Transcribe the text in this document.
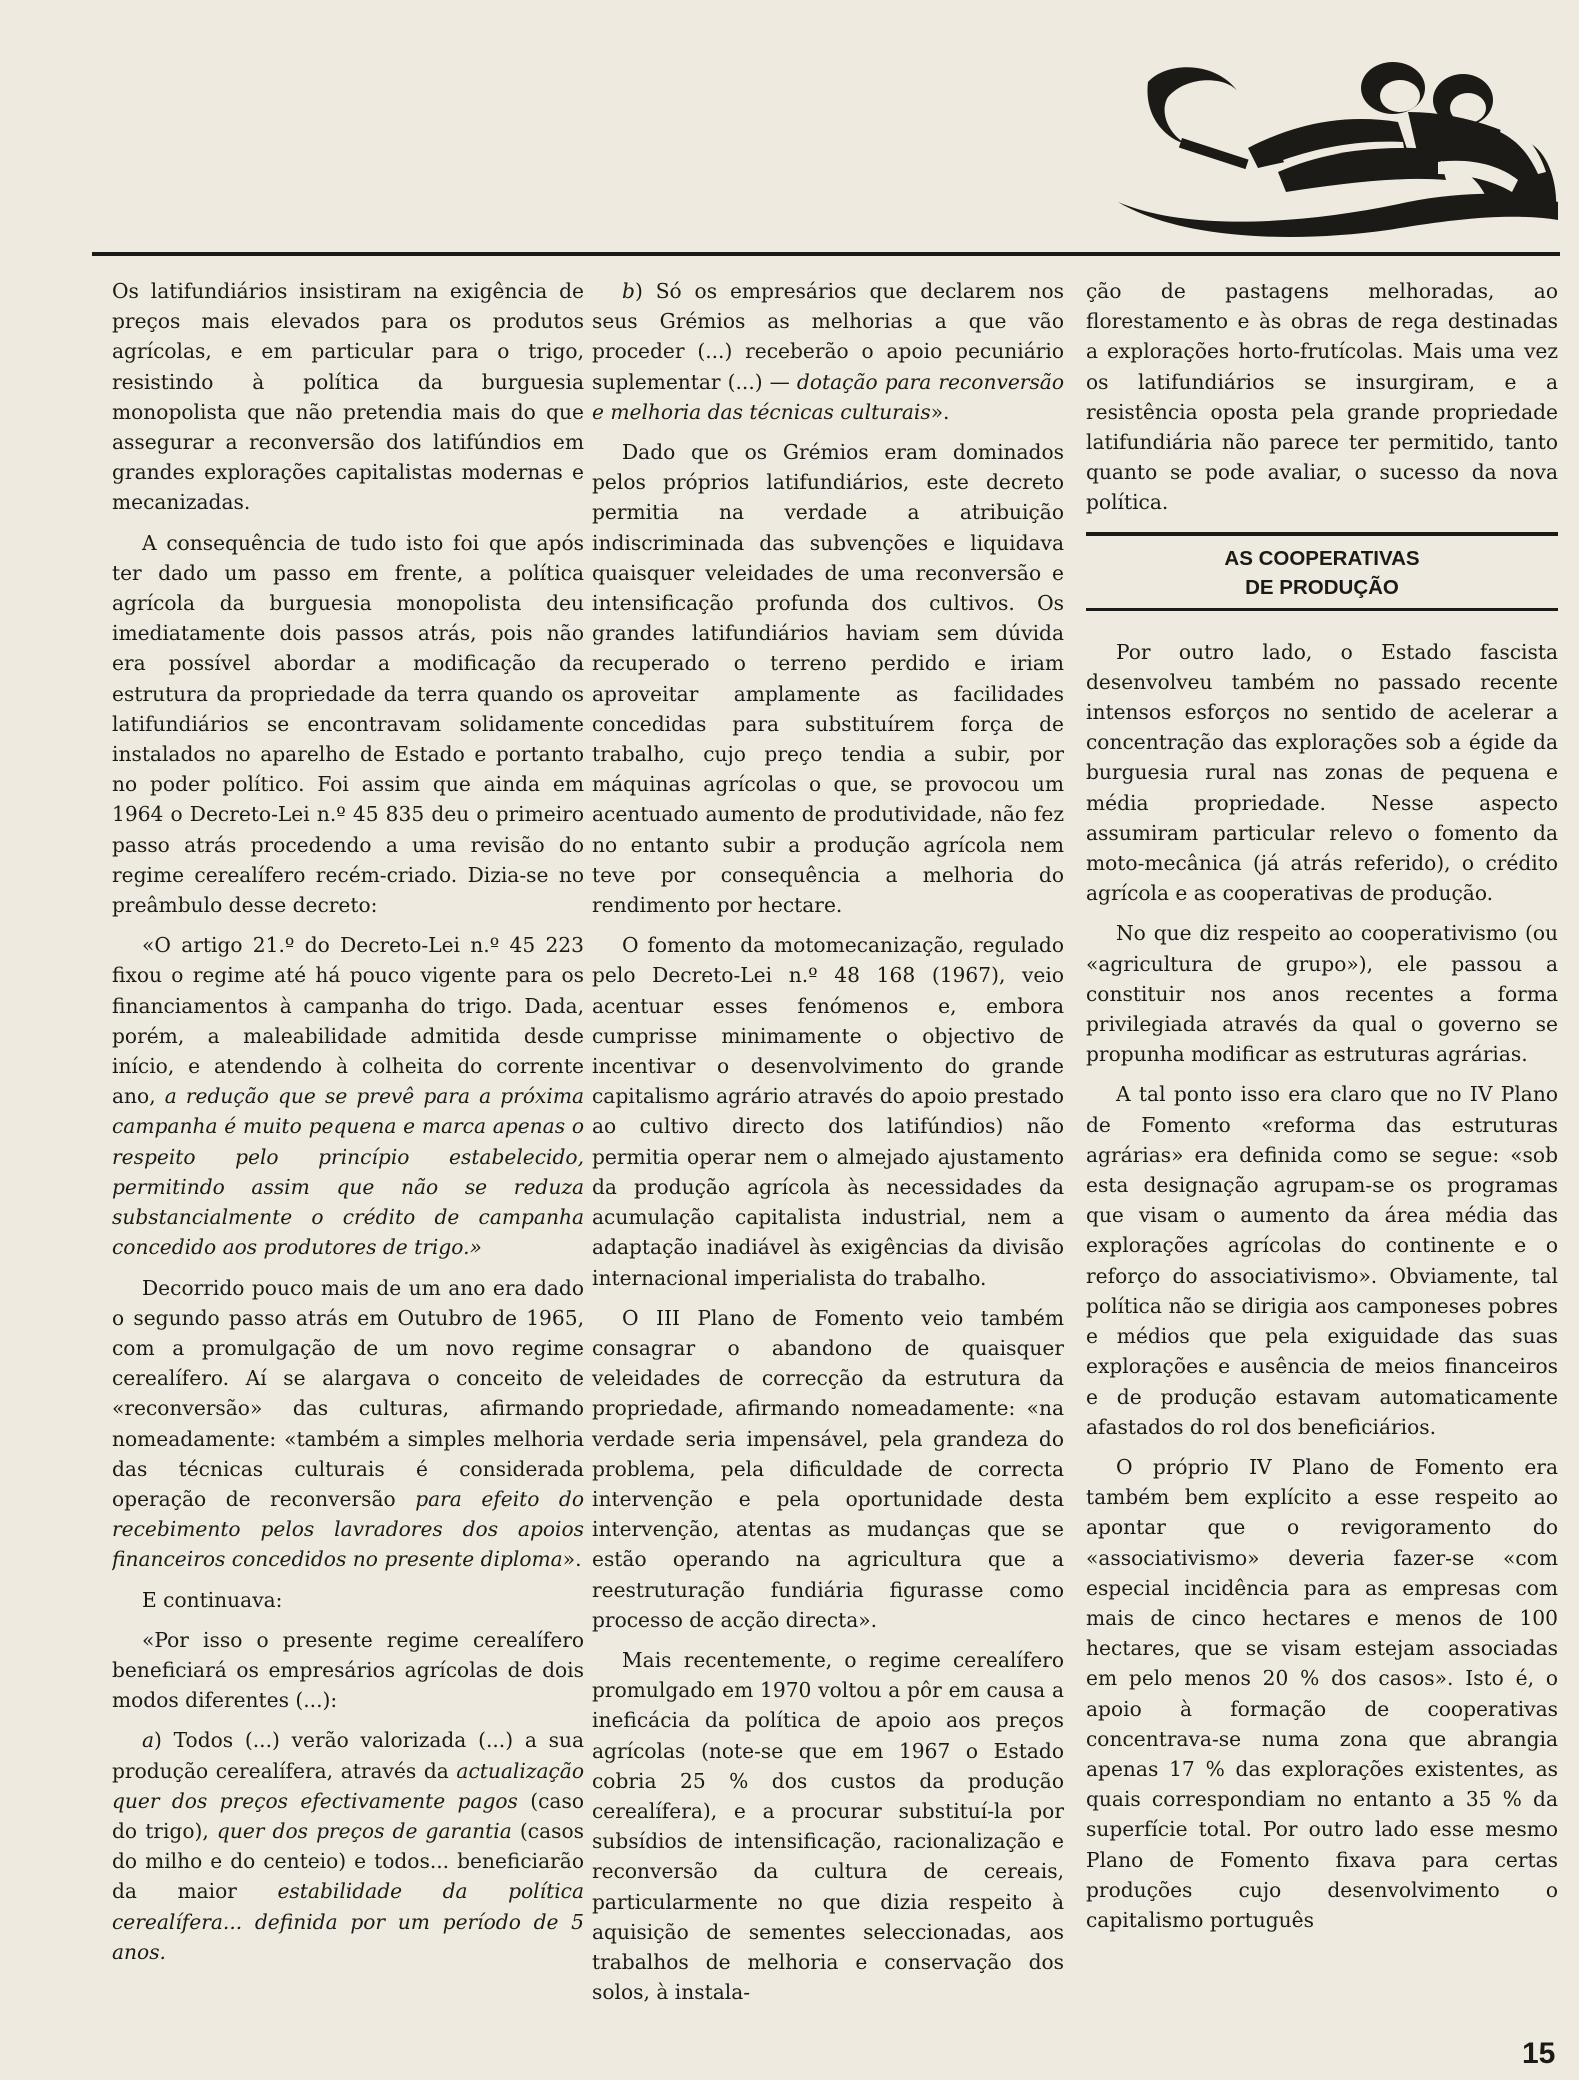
Os latifundiários insistiram na exigência de preços mais elevados para os produtos agrícolas, e em particular para o trigo, resistindo à política da burguesia monopolista que não pretendia mais do que assegurar a reconversão dos latifúndios em grandes explorações capitalistas modernas e mecanizadas.

A consequência de tudo isto foi que após ter dado um passo em frente, a política agrícola da burguesia monopolista deu imediatamente dois passos atrás, pois não era possível abordar a modificação da estrutura da propriedade da terra quando os latifundiários se encontravam solidamente instalados no aparelho de Estado e portanto no poder político. Foi assim que ainda em 1964 o Decreto-Lei n.º 45 835 deu o primeiro passo atrás procedendo a uma revisão do regime cerealífero recém-criado. Dizia-se no preâmbulo desse decreto:

«O artigo 21.º do Decreto-Lei n.º 45 223 fixou o regime até há pouco vigente para os financiamentos à campanha do trigo. Dada, porém, a maleabilidade admitida desde início, e atendendo à colheita do corrente ano, a redução que se prevê para a próxima campanha é muito pequena e marca apenas o respeito pelo princípio estabelecido, permitindo assim que não se reduza substancialmente o crédito de campanha concedido aos produtores de trigo.»

Decorrido pouco mais de um ano era dado o segundo passo atrás em Outubro de 1965, com a promulgação de um novo regime cerealífero. Aí se alargava o conceito de «reconversão» das culturas, afirmando nomeadamente: «também a simples melhoria das técnicas culturais é considerada operação de reconversão para efeito do recebimento pelos lavradores dos apoios financeiros concedidos no presente diploma».

E continuava:

«Por isso o presente regime cerealífero beneficiará os empresários agrícolas de dois modos diferentes (...):

a) Todos (...) verão valorizada (...) a sua produção cerealífera, através da actualização quer dos preços efectivamente pagos (caso do trigo), quer dos preços de garantia (casos do milho e do centeio) e todos... beneficiarão da maior estabilidade da política cerealífera... definida por um período de 5 anos.

b) Só os empresários que declarem nos seus Grémios as melhorias a que vão proceder (...) receberão o apoio pecuniário suplementar (...) — dotação para reconversão e melhoria das técnicas culturais».

Dado que os Grémios eram dominados pelos próprios latifundiários, este decreto permitia na verdade a atribuição indiscriminada das subvenções e liquidava quaisquer veleidades de uma reconversão e intensificação profunda dos cultivos. Os grandes latifundiários haviam sem dúvida recuperado o terreno perdido e iriam aproveitar amplamente as facilidades concedidas para substituírem força de trabalho, cujo preço tendia a subir, por máquinas agrícolas o que, se provocou um acentuado aumento de produtividade, não fez no entanto subir a produção agrícola nem teve por consequência a melhoria do rendimento por hectare.

O fomento da motomecanização, regulado pelo Decreto-Lei n.º 48 168 (1967), veio acentuar esses fenómenos e, embora cumprisse minimamente o objectivo de incentivar o desenvolvimento do grande capitalismo agrário através do apoio prestado ao cultivo directo dos latifúndios) não permitia operar nem o almejado ajustamento da produção agrícola às necessidades da acumulação capitalista industrial, nem a adaptação inadiável às exigências da divisão internacional imperialista do trabalho.

O III Plano de Fomento veio também consagrar o abandono de quaisquer veleidades de correcção da estrutura da propriedade, afirmando nomeadamente: «na verdade seria impensável, pela grandeza do problema, pela dificuldade de correcta intervenção e pela oportunidade desta intervenção, atentas as mudanças que se estão operando na agricultura que a reestruturação fundiária figurasse como processo de acção directa».

Mais recentemente, o regime cerealífero promulgado em 1970 voltou a pôr em causa a ineficácia da política de apoio aos preços agrícolas (note-se que em 1967 o Estado cobria 25 % dos custos da produção cerealífera), e a procurar substituí-la por subsídios de intensificação, racionalização e reconversão da cultura de cereais, particularmente no que dizia respeito à aquisição de sementes seleccionadas, aos trabalhos de melhoria e conservação dos solos, à instala-

ção de pastagens melhoradas, ao florestamento e às obras de rega destinadas a explorações horto-frutícolas. Mais uma vez os latifundiários se insurgiram, e a resistência oposta pela grande propriedade latifundiária não parece ter permitido, tanto quanto se pode avaliar, o sucesso da nova política.

AS COOPERATIVAS
DE PRODUÇÃO

Por outro lado, o Estado fascista desenvolveu também no passado recente intensos esforços no sentido de acelerar a concentração das explorações sob a égide da burguesia rural nas zonas de pequena e média propriedade. Nesse aspecto assumiram particular relevo o fomento da moto-mecânica (já atrás referido), o crédito agrícola e as cooperativas de produção.

No que diz respeito ao cooperativismo (ou «agricultura de grupo»), ele passou a constituir nos anos recentes a forma privilegiada através da qual o governo se propunha modificar as estruturas agrárias.

A tal ponto isso era claro que no IV Plano de Fomento «reforma das estruturas agrárias» era definida como se segue: «sob esta designação agrupam-se os programas que visam o aumento da área média das explorações agrícolas do continente e o reforço do associativismo». Obviamente, tal política não se dirigia aos camponeses pobres e médios que pela exiguidade das suas explorações e ausência de meios financeiros e de produção estavam automaticamente afastados do rol dos beneficiários.

O próprio IV Plano de Fomento era também bem explícito a esse respeito ao apontar que o revigoramento do «associativismo» deveria fazer-se «com especial incidência para as empresas com mais de cinco hectares e menos de 100 hectares, que se visam estejam associadas em pelo menos 20 % dos casos». Isto é, o apoio à formação de cooperativas concentrava-se numa zona que abrangia apenas 17 % das explorações existentes, as quais correspondiam no entanto a 35 % da superfície total. Por outro lado esse mesmo Plano de Fomento fixava para certas produções cujo desenvolvimento o capitalismo português

15
